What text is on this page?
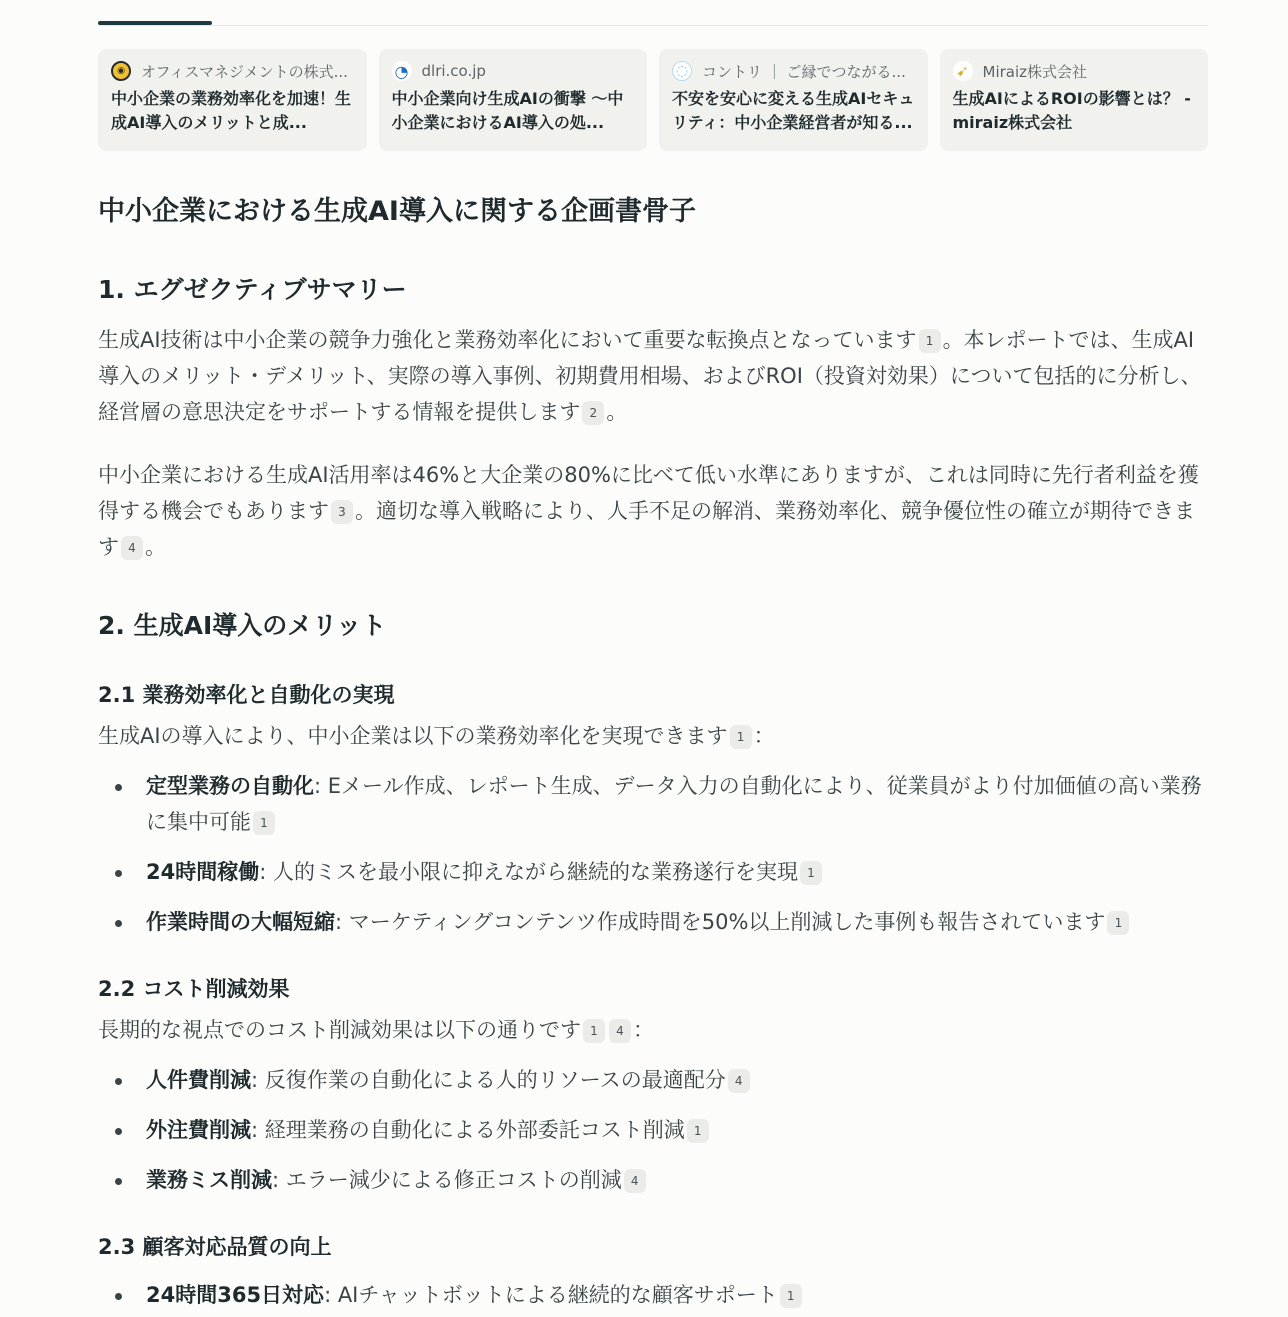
◉	オフィスマネジメントの株式...
中小企業の業務効率化を加速！生成AI導入のメリットと成...
◔ dlri.co.jp
中小企業向け生成AIの衝撃 〜中小企業におけるAI導入の処...
◌ コントリ ｜ ご縁でつながる...
不安を安心に変える生成AIセキュリティ：中小企業経営者が知る...
➹ Miraiz株式会社
生成AIによるROIの影響とは？ - miraiz株式会社
中小企業における生成AI導入に関する企画書骨子
1. エグゼクティブサマリー

生成AI技術は中小企業の競争力強化と業務効率化において重要な転換点となっています 1 。本レポートでは、生成AI導入のメリット・デメリット、実際の導入事例、初期費用相場、およびROI（投資対効果）について包括的に分析し、経営層の意思決定をサポートする情報を提供します 2 。

中小企業における生成AI活用率は46%と大企業の80%に比べて低い水準にありますが、これは同時に先行者利益を獲得する機会でもあります 3 。適切な導入戦略により、人手不足の解消、業務効率化、競争優位性の確立が期待できます 4 。

2. 生成AI導入のメリット
2.1 業務効率化と自動化の実現

生成AIの導入により、中小企業は以下の業務効率化を実現できます 1 ：

定型業務の自動化: Eメール作成、レポート生成、データ入力の自動化により、従業員がより付加価値の高い業務に集中可能 1
24時間稼働: 人的ミスを最小限に抑えながら継続的な業務遂行を実現 1
作業時間の大幅短縮: マーケティングコンテンツ作成時間を50%以上削減した事例も報告されています 1
2.2 コスト削減効果

長期的な視点でのコスト削減効果は以下の通りです 1 4 ：

人件費削減: 反復作業の自動化による人的リソースの最適配分 4
外注費削減: 経理業務の自動化による外部委託コスト削減 1
業務ミス削減: エラー減少による修正コストの削減 4
2.3 顧客対応品質の向上
24時間365日対応: AIチャットボットによる継続的な顧客サポート 1
